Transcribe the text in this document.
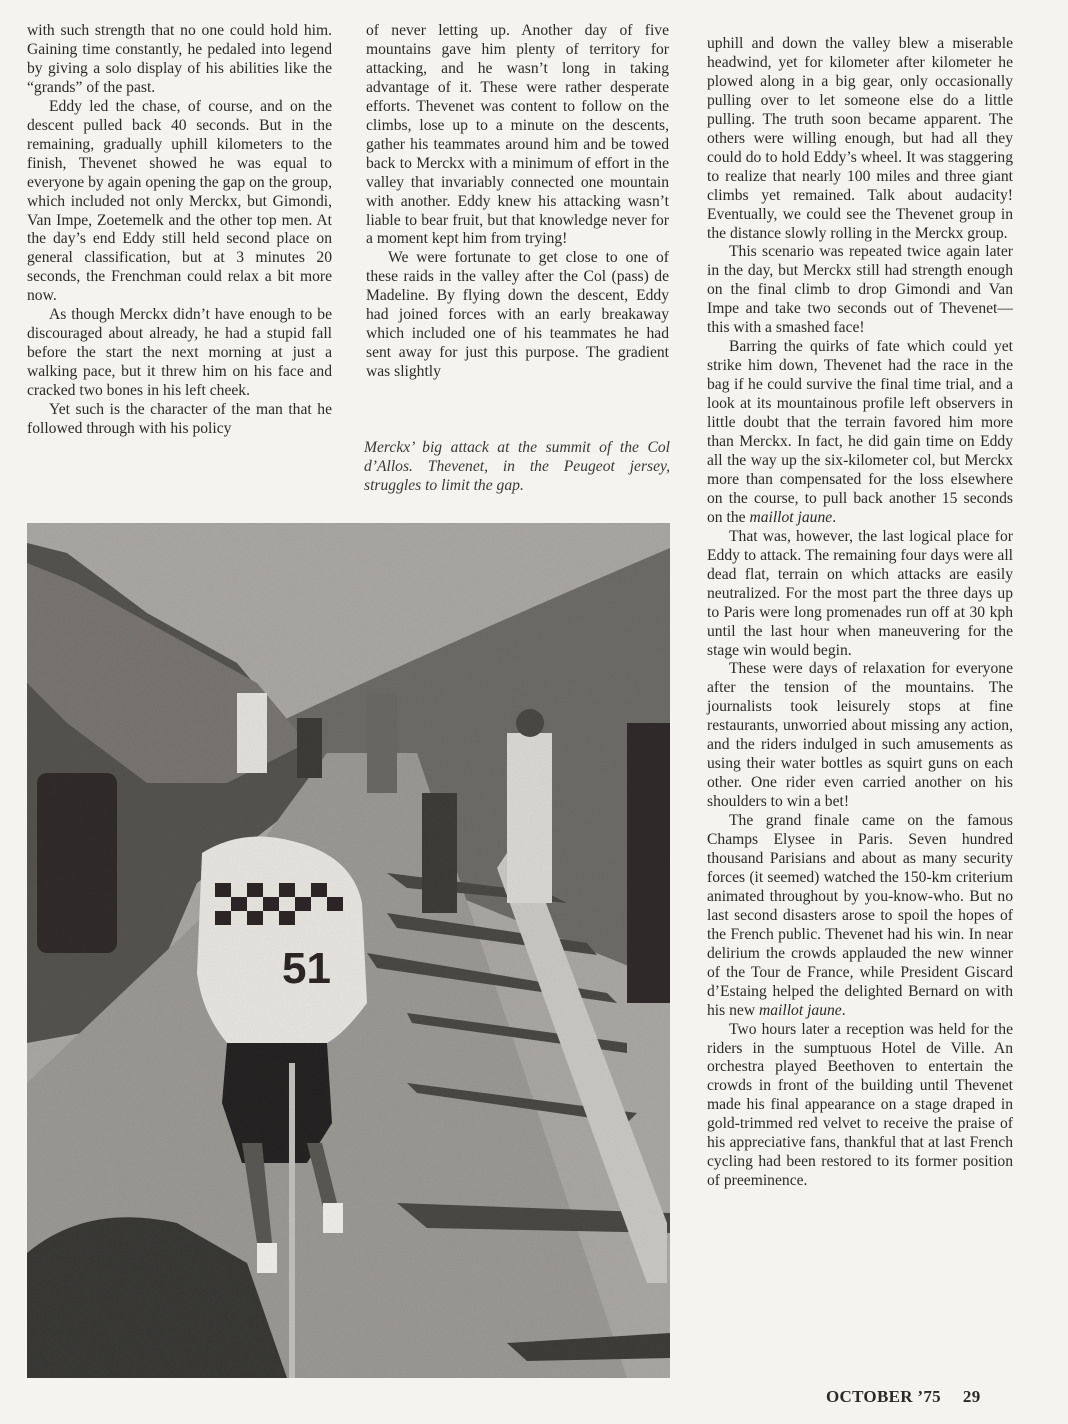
with such strength that no one could hold him. Gaining time constantly, he pedaled into legend by giving a solo display of his abilities like the “grands” of the past.

Eddy led the chase, of course, and on the descent pulled back 40 seconds. But in the remaining, gradually uphill kilometers to the finish, Thevenet showed he was equal to everyone by again opening the gap on the group, which included not only Merckx, but Gimondi, Van Impe, Zoetemelk and the other top men. At the day’s end Eddy still held second place on general classification, but at 3 minutes 20 seconds, the Frenchman could relax a bit more now.

As though Merckx didn’t have enough to be discouraged about already, he had a stupid fall before the start the next morning at just a walking pace, but it threw him on his face and cracked two bones in his left cheek.

Yet such is the character of the man that he followed through with his policy

of never letting up. Another day of five mountains gave him plenty of territory for attacking, and he wasn’t long in taking advantage of it. These were rather desperate efforts. Thevenet was content to follow on the climbs, lose up to a minute on the descents, gather his teammates around him and be towed back to Merckx with a minimum of effort in the valley that invariably connected one mountain with another. Eddy knew his attacking wasn’t liable to bear fruit, but that knowledge never for a moment kept him from trying!

We were fortunate to get close to one of these raids in the valley after the Col (pass) de Madeline. By flying down the descent, Eddy had joined forces with an early breakaway which included one of his teammates he had sent away for just this purpose. The gradient was slightly

Merckx’ big attack at the summit of the Col d’Allos. Thevenet, in the Peugeot jersey, struggles to limit the gap.

uphill and down the valley blew a miserable headwind, yet for kilometer after kilometer he plowed along in a big gear, only occasionally pulling over to let someone else do a little pulling. The truth soon became apparent. The others were willing enough, but had all they could do to hold Eddy’s wheel. It was staggering to realize that nearly 100 miles and three giant climbs yet remained. Talk about audacity! Eventually, we could see the Thevenet group in the distance slowly rolling in the Merckx group.

This scenario was repeated twice again later in the day, but Merckx still had strength enough on the final climb to drop Gimondi and Van Impe and take two seconds out of Thevenet—this with a smashed face!

Barring the quirks of fate which could yet strike him down, Thevenet had the race in the bag if he could survive the final time trial, and a look at its mountainous profile left observers in little doubt that the terrain favored him more than Merckx. In fact, he did gain time on Eddy all the way up the six-kilometer col, but Merckx more than compensated for the loss elsewhere on the course, to pull back another 15 seconds on the maillot jaune.

That was, however, the last logical place for Eddy to attack. The remaining four days were all dead flat, terrain on which attacks are easily neutralized. For the most part the three days up to Paris were long promenades run off at 30 kph until the last hour when maneuvering for the stage win would begin.

These were days of relaxation for everyone after the tension of the mountains. The journalists took leisurely stops at fine restaurants, unworried about missing any action, and the riders indulged in such amusements as using their water bottles as squirt guns on each other. One rider even carried another on his shoulders to win a bet!

The grand finale came on the famous Champs Elysee in Paris. Seven hundred thousand Parisians and about as many security forces (it seemed) watched the 150-km criterium animated throughout by you-know-who. But no last second disasters arose to spoil the hopes of the French public. Thevenet had his win. In near delirium the crowds applauded the new winner of the Tour de France, while President Giscard d’Estaing helped the delighted Bernard on with his new maillot jaune.

Two hours later a reception was held for the riders in the sumptuous Hotel de Ville. An orchestra played Beethoven to entertain the crowds in front of the building until Thevenet made his final appearance on a stage draped in gold-trimmed red velvet to receive the praise of his appreciative fans, thankful that at last French cycling had been restored to its former position of preeminence.

51
OCTOBER ’75 29
